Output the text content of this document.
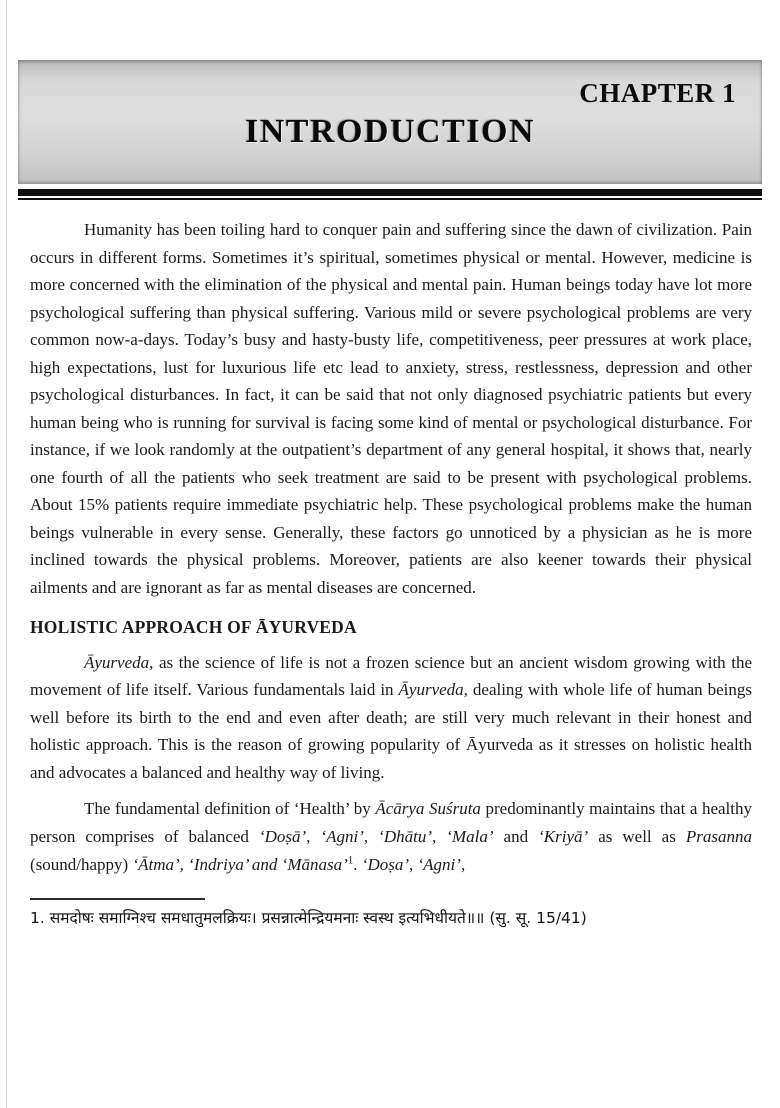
CHAPTER 1
INTRODUCTION

Humanity has been toiling hard to conquer pain and suffering since the dawn of civilization. Pain occurs in different forms. Sometimes it’s spiritual, sometimes physical or mental. However, medicine is more concerned with the elimination of the physical and mental pain. Human beings today have lot more psychological suffering than physical suffering. Various mild or severe psychological problems are very common now-a-days. Today’s busy and hasty-busty life, competitiveness, peer pressures at work place, high expectations, lust for luxurious life etc lead to anxiety, stress, restlessness, depression and other psychological disturbances. In fact, it can be said that not only diagnosed psychiatric patients but every human being who is running for survival is facing some kind of mental or psychological disturbance. For instance, if we look randomly at the outpatient’s department of any general hospital, it shows that, nearly one fourth of all the patients who seek treatment are said to be present with psychological problems. About 15% patients require immediate psychiatric help. These psychological problems make the human beings vulnerable in every sense. Generally, these factors go unnoticed by a physician as he is more inclined towards the physical problems. Moreover, patients are also keener towards their physical ailments and are ignorant as far as mental diseases are concerned.

HOLISTIC APPROACH OF ĀYURVEDA

Āyurveda, as the science of life is not a frozen science but an ancient wisdom growing with the movement of life itself. Various fundamentals laid in Āyurveda, dealing with whole life of human beings well before its birth to the end and even after death; are still very much relevant in their honest and holistic approach. This is the reason of growing popularity of Āyurveda as it stresses on holistic health and advocates a balanced and healthy way of living.

The fundamental definition of ‘Health’ by Ācārya Suśruta predominantly maintains that a healthy person comprises of balanced ‘Doṣā’, ‘Agni’, ‘Dhātu’, ‘Mala’ and ‘Kriyā’ as well as Prasanna (sound/happy) ‘Ātma’, ‘Indriya’ and ‘Mānasa’$^1$. ‘Doṣa’, ‘Agni’,

1. समदोषः समाग्निश्च समधातुमलक्रियः। प्रसन्नात्मेन्द्रियमनाः स्वस्थ इत्यभिधीयते॥॥ (सु. सू. 15/41)
